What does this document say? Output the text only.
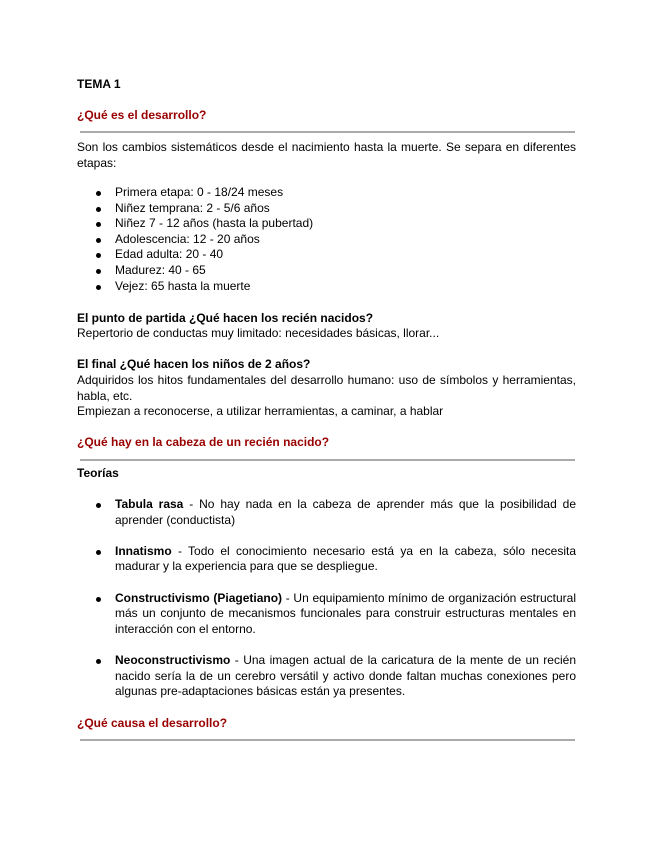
TEMA 1
¿Qué es el desarrollo?
Son los cambios sistemáticos desde el nacimiento hasta la muerte. Se separa en diferentes etapas:
Primera etapa: 0 - 18/24 meses
Niñez temprana: 2 - 5/6 años
Niñez 7 - 12 años (hasta la pubertad)
Adolescencia: 12 - 20 años
Edad adulta: 20 - 40
Madurez: 40 - 65
Vejez: 65 hasta la muerte
El punto de partida ¿Qué hacen los recién nacidos?
Repertorio de conductas muy limitado: necesidades básicas, llorar...
El final ¿Qué hacen los niños de 2 años?
Adquiridos los hitos fundamentales del desarrollo humano: uso de símbolos y herramientas, habla, etc.
Empiezan a reconocerse, a utilizar herramientas, a caminar, a hablar
¿Qué hay en la cabeza de un recién nacido?
Teorías
Tabula rasa - No hay nada en la cabeza de aprender más que la posibilidad de aprender (conductista)
Innatismo - Todo el conocimiento necesario está ya en la cabeza, sólo necesita madurar y la experiencia para que se despliegue.
Constructivismo (Piagetiano) - Un equipamiento mínimo de organización estructural más un conjunto de mecanismos funcionales para construir estructuras mentales en interacción con el entorno.
Neoconstructivismo - Una imagen actual de la caricatura de la mente de un recién nacido sería la de un cerebro versátil y activo donde faltan muchas conexiones pero algunas pre-adaptaciones básicas están ya presentes.
¿Qué causa el desarrollo?
